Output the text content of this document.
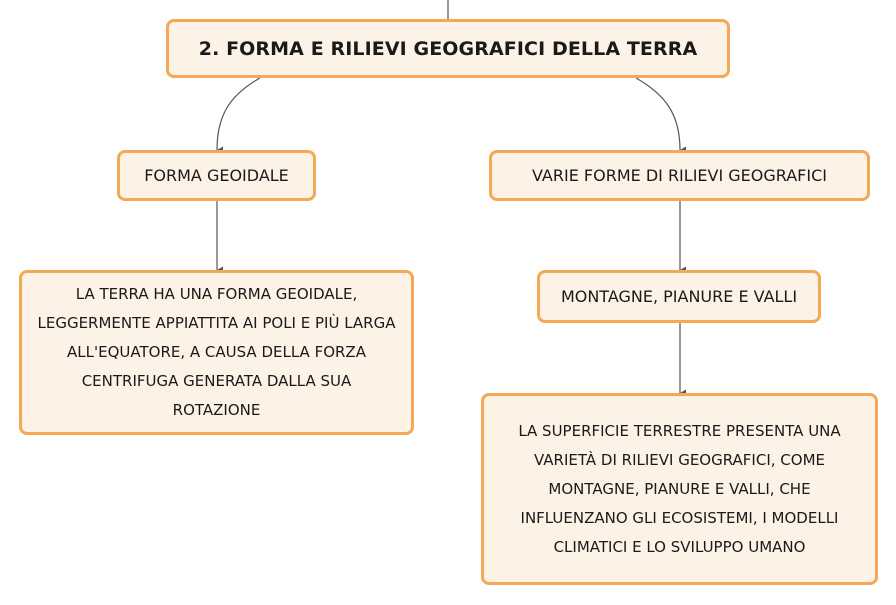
2. FORMA E RILIEVI GEOGRAFICI DELLA TERRA
FORMA GEOIDALE	VARIE FORME DI RILIEVI GEOGRAFICI
LA TERRA HA UNA FORMA GEOIDALE, LEGGERMENTE APPIATTITA AI POLI E PIÙ LARGA ALL'EQUATORE, A CAUSA DELLA FORZA CENTRIFUGA GENERATA DALLA SUA ROTAZIONE
MONTAGNE, PIANURE E VALLI
LA SUPERFICIE TERRESTRE PRESENTA UNA VARIETÀ DI RILIEVI GEOGRAFICI, COME MONTAGNE, PIANURE E VALLI, CHE INFLUENZANO GLI ECOSISTEMI, I MODELLI CLIMATICI E LO SVILUPPO UMANO
